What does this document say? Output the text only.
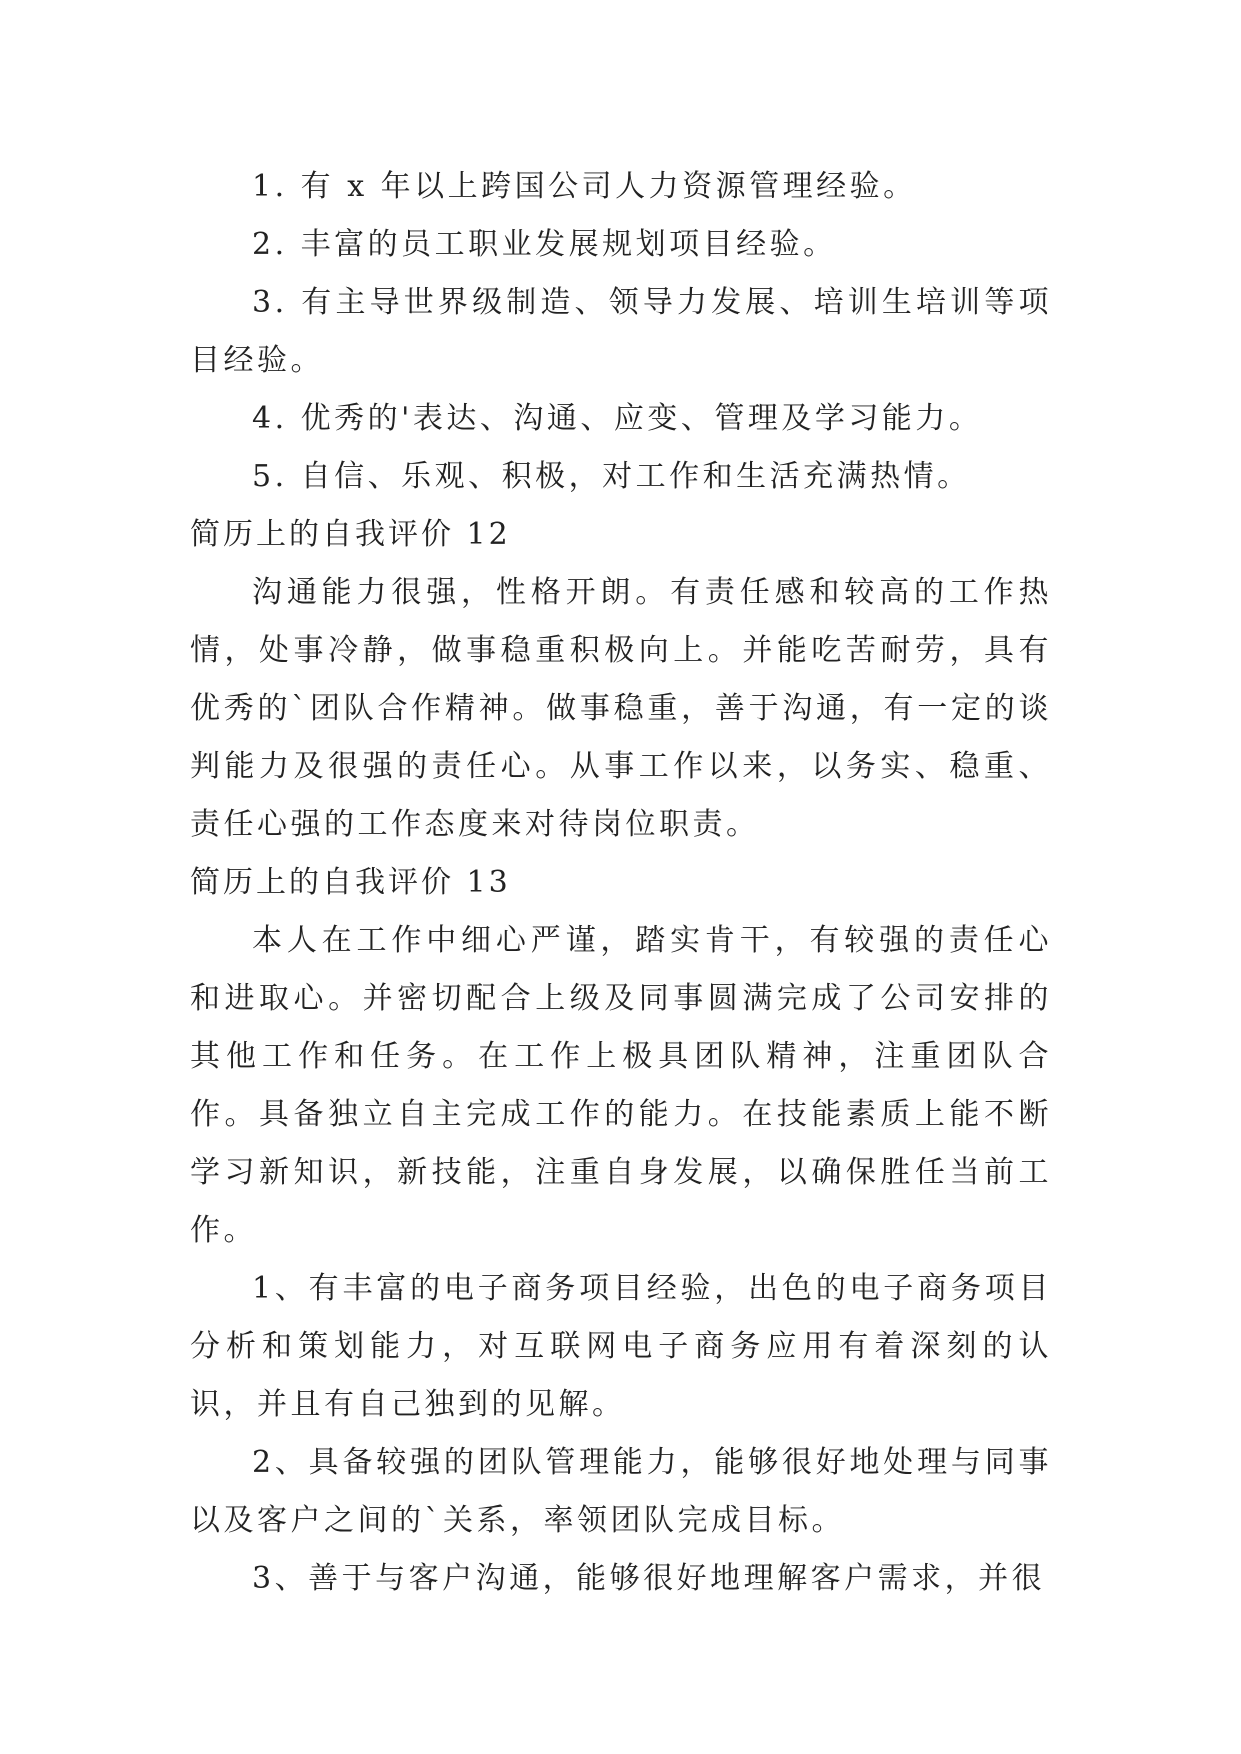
1. 有 x 年以上跨国公司人力资源管理经验。

2. 丰富的员工职业发展规划项目经验。

3. 有主导世界级制造、领导力发展、培训生培训等项目经验。

4. 优秀的'表达、沟通、应变、管理及学习能力。

5. 自信、乐观、积极，对工作和生活充满热情。

简历上的自我评价 12

沟通能力很强，性格开朗。有责任感和较高的工作热情，处事冷静，做事稳重积极向上。并能吃苦耐劳，具有优秀的`团队合作精神。做事稳重，善于沟通，有一定的谈判能力及很强的责任心。从事工作以来，以务实、稳重、责任心强的工作态度来对待岗位职责。

简历上的自我评价 13

本人在工作中细心严谨，踏实肯干，有较强的责任心和进取心。并密切配合上级及同事圆满完成了公司安排的其他工作和任务。在工作上极具团队精神，注重团队合作。具备独立自主完成工作的能力。在技能素质上能不断学习新知识，新技能，注重自身发展，以确保胜任当前工作。

1、有丰富的电子商务项目经验，出色的电子商务项目分析和策划能力，对互联网电子商务应用有着深刻的认识，并且有自己独到的见解。

2、具备较强的团队管理能力，能够很好地处理与同事以及客户之间的`关系，率领团队完成目标。

3、善于与客户沟通，能够很好地理解客户需求，并很
